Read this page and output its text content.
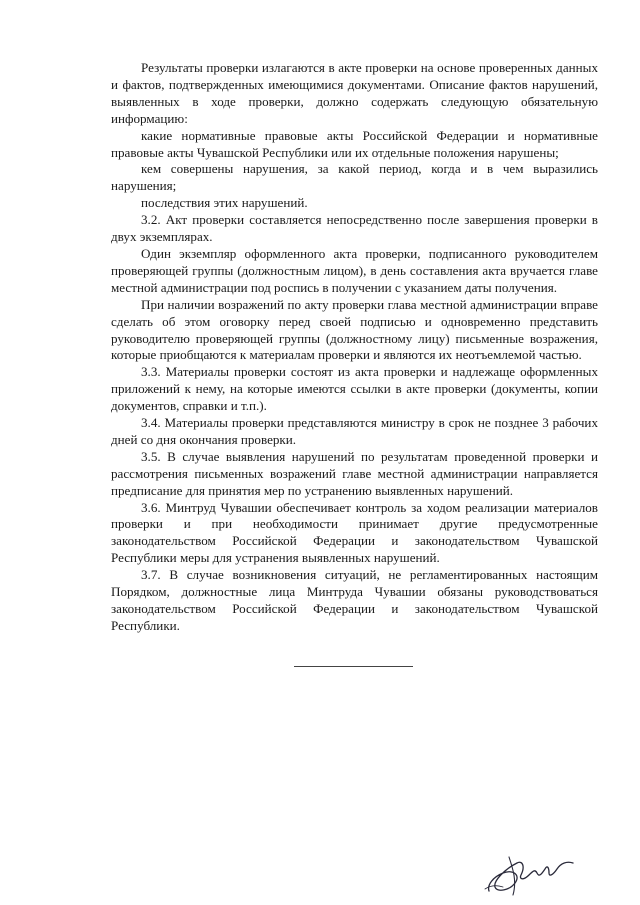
Результаты проверки излагаются в акте проверки на основе проверенных данных и фактов, подтвержденных имеющимися документами. Описание фактов нарушений, выявленных в ходе проверки, должно содержать следующую обязательную информацию:

какие нормативные правовые акты Российской Федерации и нормативные правовые акты Чувашской Республики или их отдельные положения нарушены;

кем совершены нарушения, за какой период, когда и в чем выразились нарушения;

последствия этих нарушений.

3.2. Акт проверки составляется непосредственно после завершения проверки в двух экземплярах.

Один экземпляр оформленного акта проверки, подписанного руководителем проверяющей группы (должностным лицом), в день составления акта вручается главе местной администрации под роспись в получении с указанием даты получения.

При наличии возражений по акту проверки глава местной администрации вправе сделать об этом оговорку перед своей подписью и одновременно представить руководителю проверяющей группы (должностному лицу) письменные возражения, которые приобщаются к материалам проверки и являются их неотъемлемой частью.

3.3. Материалы проверки состоят из акта проверки и надлежаще оформленных приложений к нему, на которые имеются ссылки в акте проверки (документы, копии документов, справки и т.п.).

3.4. Материалы проверки представляются министру в срок не позднее 3 рабочих дней со дня окончания проверки.

3.5. В случае выявления нарушений по результатам проведенной проверки и рассмотрения письменных возражений главе местной администрации направляется предписание для принятия мер по устранению выявленных нарушений.

3.6. Минтруд Чувашии обеспечивает контроль за ходом реализации материалов проверки и при необходимости принимает другие предусмотренные законодательством Российской Федерации и законодательством Чувашской Республики меры для устранения выявленных нарушений.

3.7. В случае возникновения ситуаций, не регламентированных настоящим Порядком, должностные лица Минтруда Чувашии обязаны руководствоваться законодательством Российской Федерации и законодательством Чувашской Республики.
